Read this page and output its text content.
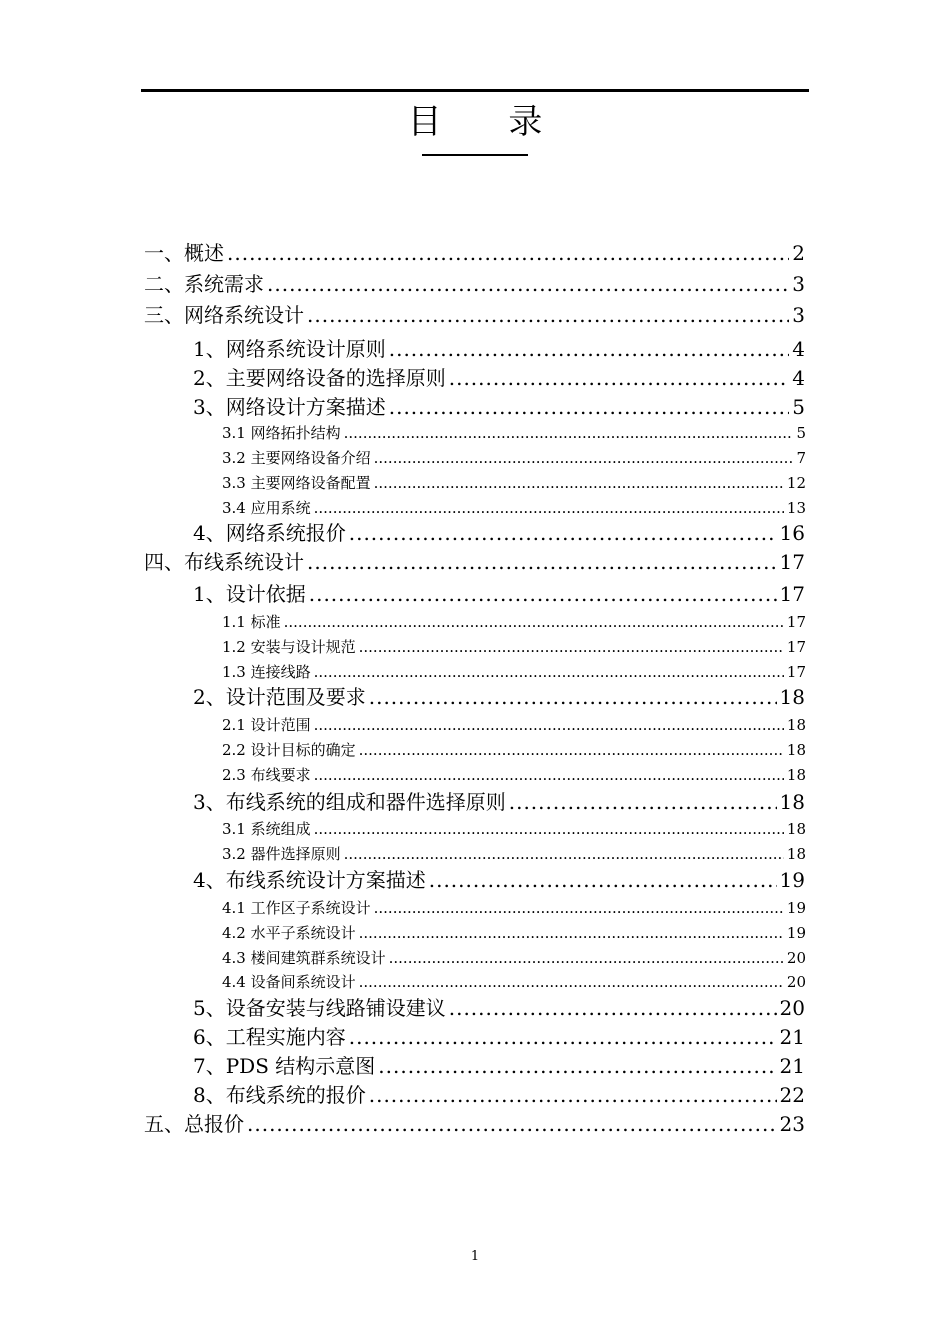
目 录
一、概述 .....	2
二、系统需求 .....	3
三、网络系统设计 .....	3
1、网络系统设计原则 .....	4
2、主要网络设备的选择原则 .....	4
3、网络设计方案描述 .....	5
3.1 网络拓扑结构 .....	5
3.2 主要网络设备介绍 .....	7
3.3 主要网络设备配置 .....	12
3.4 应用系统 .....	13
4、网络系统报价 .....	16
四、布线系统设计 .....	17
1、设计依据 .....	17
1.1 标准 .....	17
1.2 安装与设计规范 .....	17
1.3 连接线路 .....	17
2、设计范围及要求 .....	18
2.1 设计范围 .....	18
2.2 设计目标的确定 .....	18
2.3 布线要求 .....	18
3、布线系统的组成和器件选择原则 .....	18
3.1 系统组成 .....	18
3.2 器件选择原则 .....	18
4、布线系统设计方案描述 .....	19
4.1 工作区子系统设计 .....	19
4.2 水平子系统设计 .....	19
4.3 楼间建筑群系统设计 .....	20
4.4 设备间系统设计 .....	20
5、设备安装与线路铺设建议 .....	20
6、工程实施内容 .....	21
7、PDS 结构示意图 .....	21
8、布线系统的报价 .....	22
五、总报价 .....	23
1
